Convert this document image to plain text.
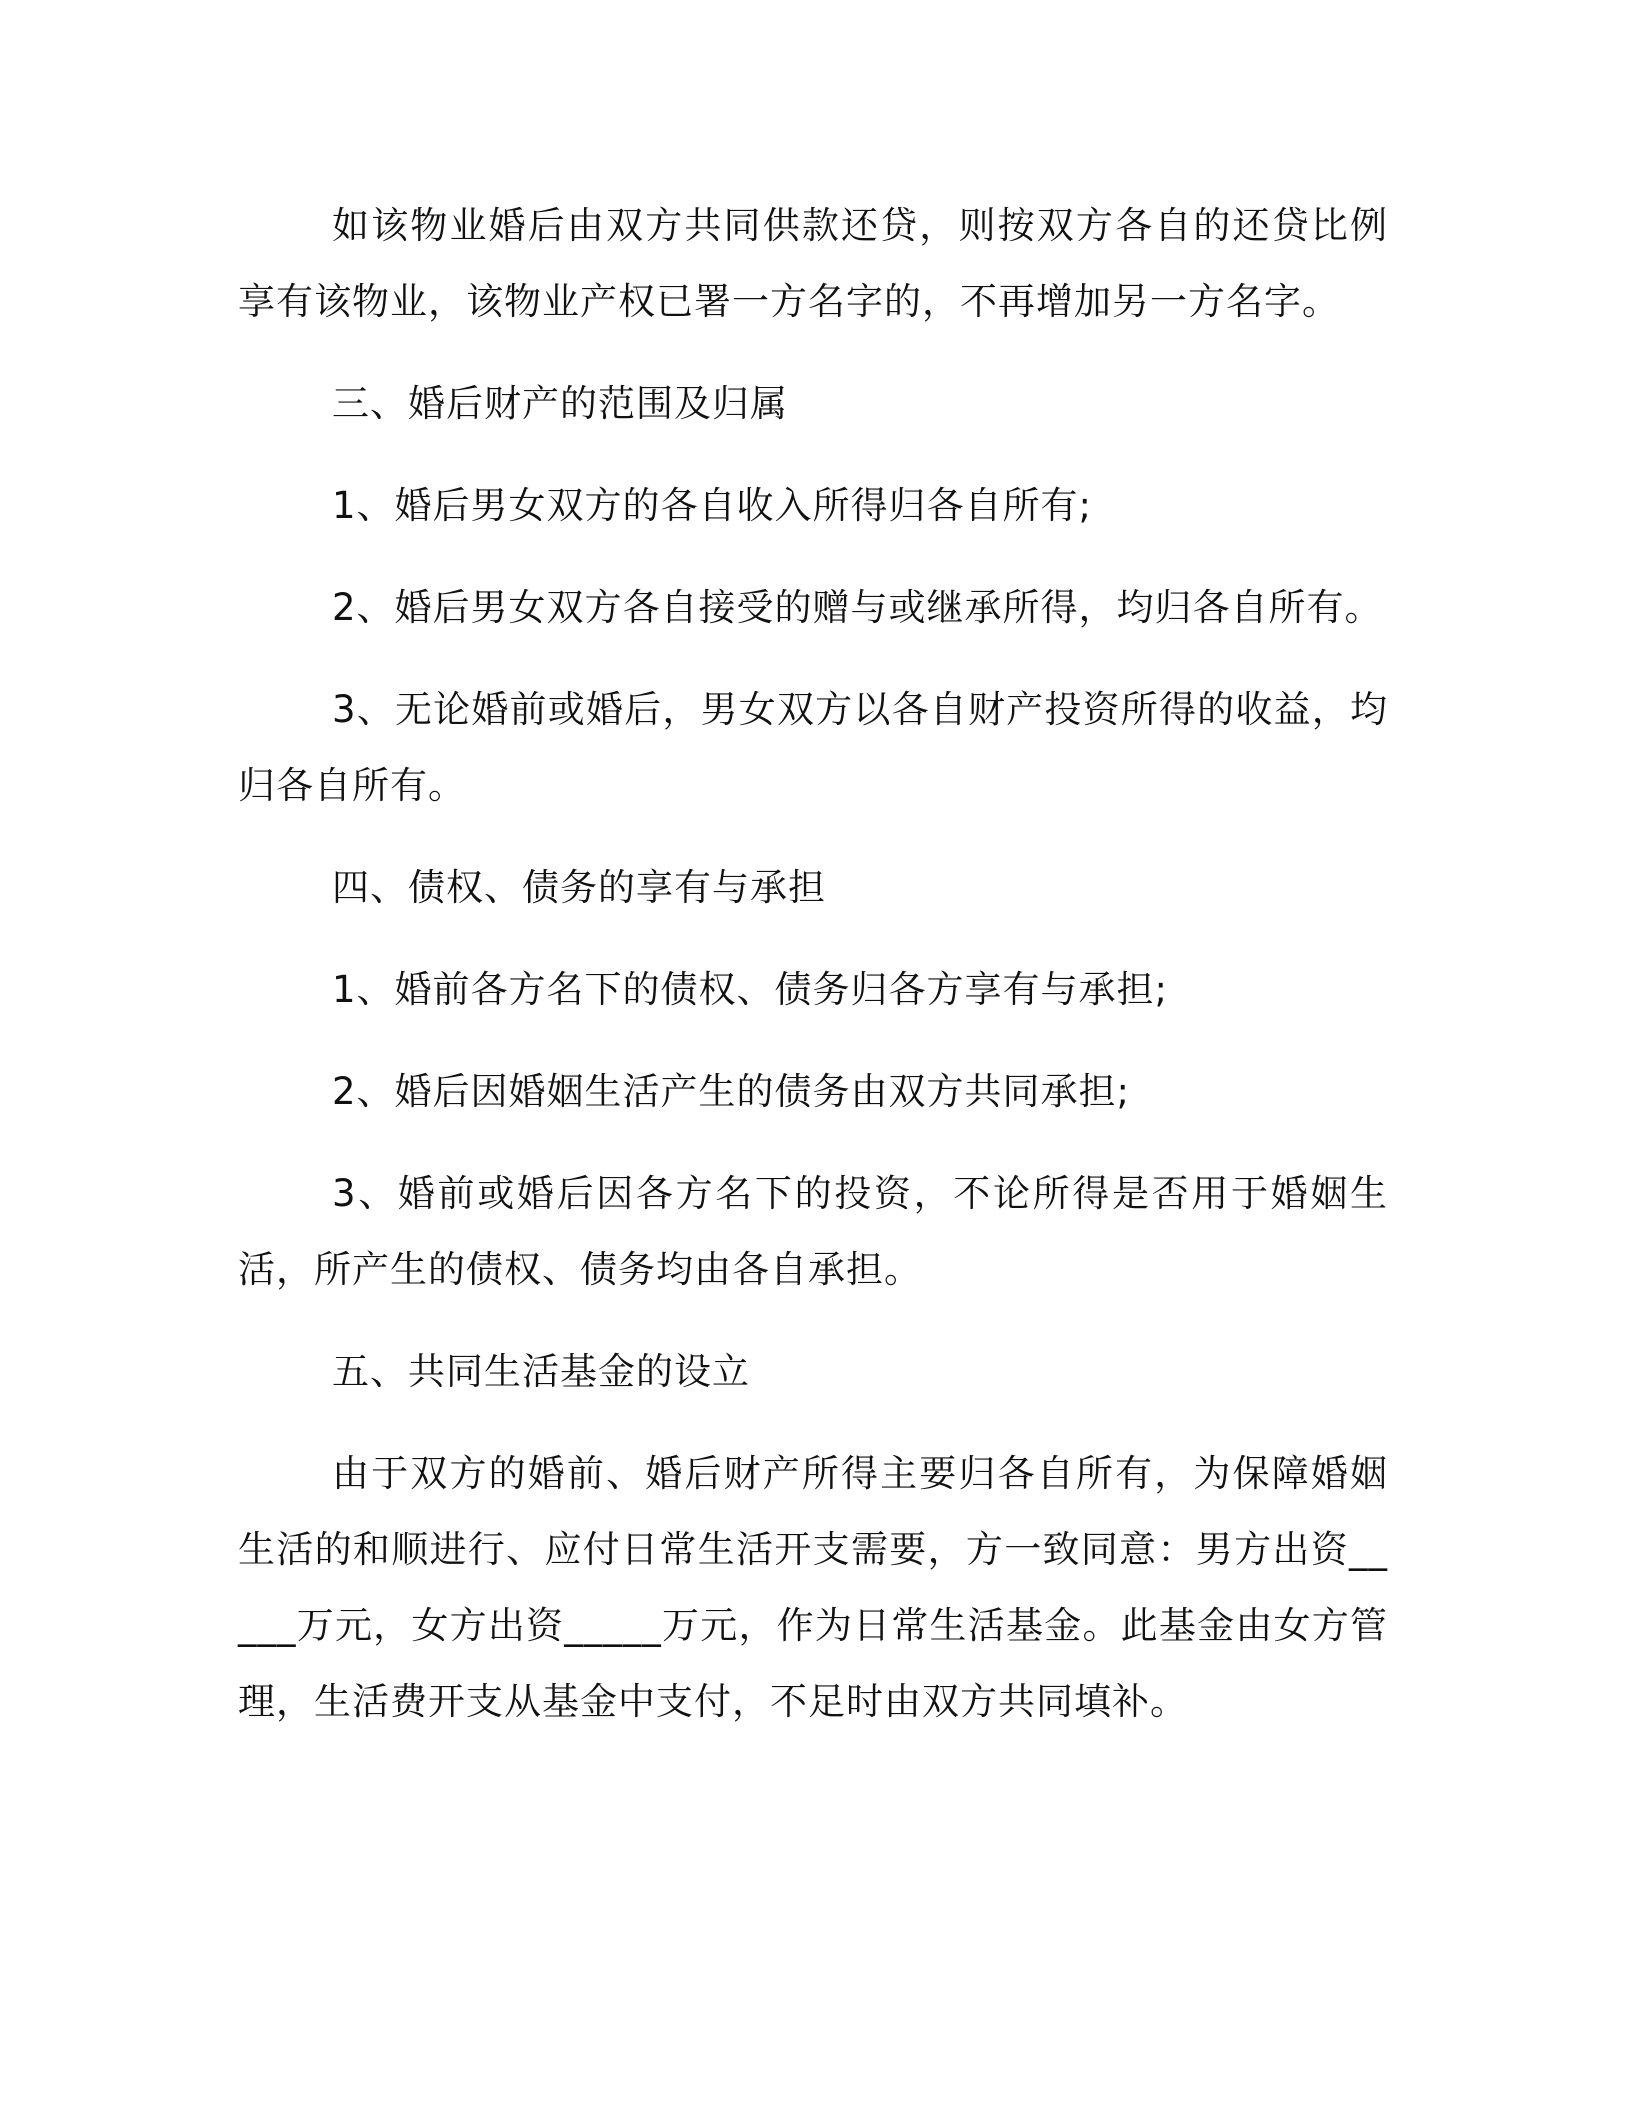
如该物业婚后由双方共同供款还贷，则按双方各自的还贷比例享有该物业，该物业产权已署一方名字的，不再增加另一方名字。

三、婚后财产的范围及归属

1、婚后男女双方的各自收入所得归各自所有;

2、婚后男女双方各自接受的赠与或继承所得，均归各自所有。

3、无论婚前或婚后，男女双方以各自财产投资所得的收益，均归各自所有。

四、债权、债务的享有与承担

1、婚前各方名下的债权、债务归各方享有与承担;

2、婚后因婚姻生活产生的债务由双方共同承担;

3、婚前或婚后因各方名下的投资，不论所得是否用于婚姻生活，所产生的债权、债务均由各自承担。

五、共同生活基金的设立

由于双方的婚前、婚后财产所得主要归各自所有，为保障婚姻生活的和顺进行、应付日常生活开支需要，方一致同意：男方出资_____万元，女方出资_____万元，作为日常生活基金。此基金由女方管理，生活费开支从基金中支付，不足时由双方共同填补。
